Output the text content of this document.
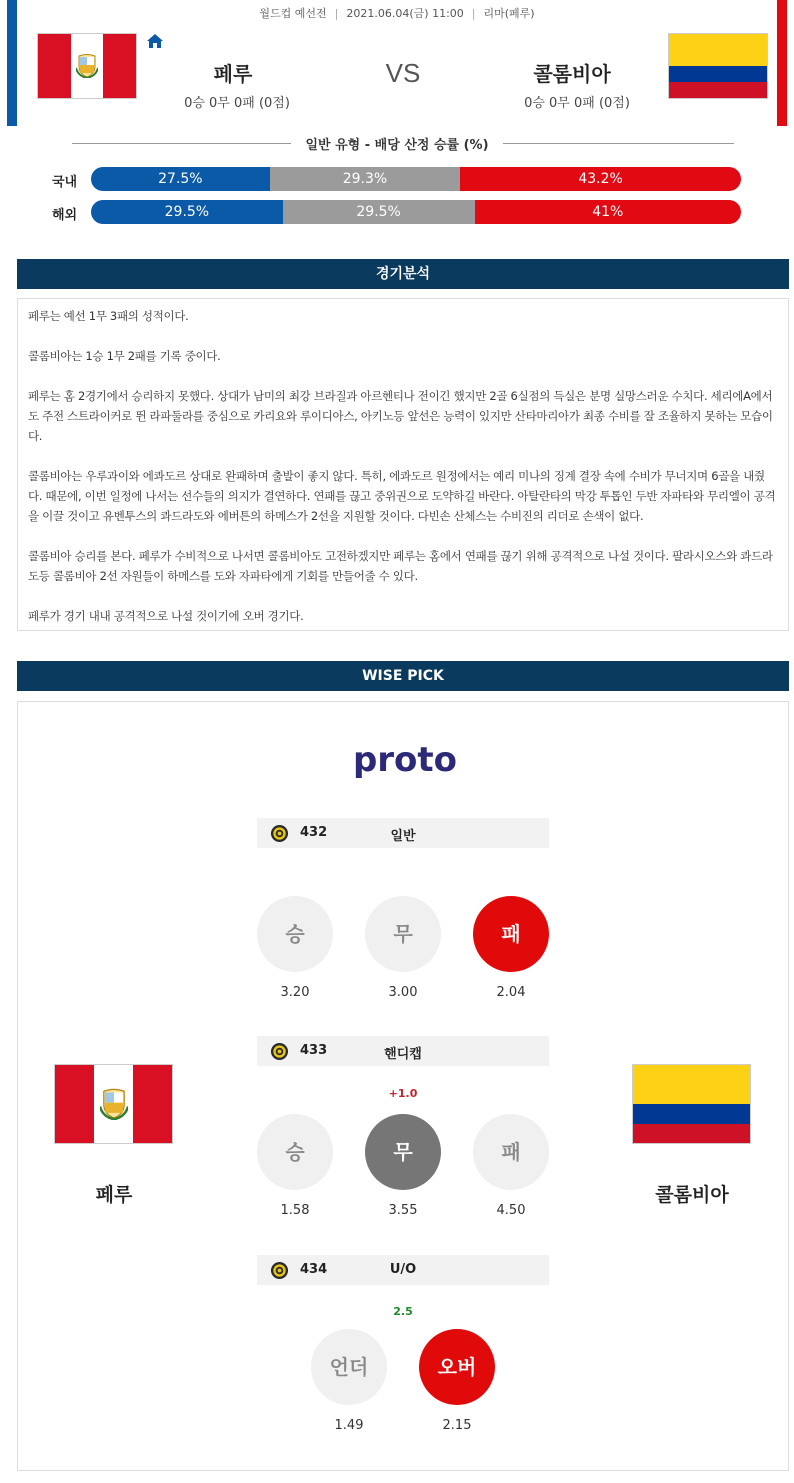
월드컵 예선전 | 2021.06.04(금) 11:00 | 리마(페루)
페루
0승 0무 0패 (0점)
VS	콜롬비아
0승 0무 0패 (0점)
일반 유형 - 배당 산정 승률 (%)
국내	27.5%	29.3%	43.2%
해외	29.5%	29.5%	41%
경기분석

페루는 예선 1무 3패의 성적이다.

콜롬비아는 1승 1무 2패를 기록 중이다.

페루는 홈 2경기에서 승리하지 못했다. 상대가 남미의 최강 브라질과 아르헨티나 전이긴 했지만 2골 6실점의 득실은 분명 실망스러운 수치다. 세리에A에서도 주전 스트라이커로 뛴 라파둘라를 중심으로 카리요와 루이디아스, 아키노등 앞선은 능력이 있지만 산타마리아가 최종 수비를 잘 조율하지 못하는 모습이다.

콜롬비아는 우루과이와 에콰도르 상대로 완패하며 출발이 좋지 않다. 특히, 에콰도르 원정에서는 예리 미나의 징계 결장 속에 수비가 무너지며 6골을 내줬다. 때문에, 이번 일정에 나서는 선수들의 의지가 결연하다. 연패를 끊고 중위권으로 도약하길 바란다. 아탈란타의 막강 투톱인 두반 자파타와 무리엘이 공격을 이끌 것이고 유벤투스의 콰드라도와 에버튼의 하메스가 2선을 지원할 것이다. 다빈손 산체스는 수비진의 리더로 손색이 없다.

콜롬비아 승리를 본다. 페루가 수비적으로 나서면 콜롬비아도 고전하겠지만 페루는 홈에서 연패를 끊기 위해 공격적으로 나설 것이다. 팔라시오스와 콰드라도등 콜롬비아 2선 자원들이 하메스를 도와 자파타에게 기회를 만들어줄 수 있다.

페루가 경기 내내 공격적으로 나설 것이기에 오버 경기다.

WISE PICK
proto
432	일반
승	무	패
3.20	3.00	2.04
433	핸디캡
+1.0
승	무	패
1.58	3.55	4.50
434	U/O
2.5
언더	오버
1.49	2.15
페루	콜롬비아
